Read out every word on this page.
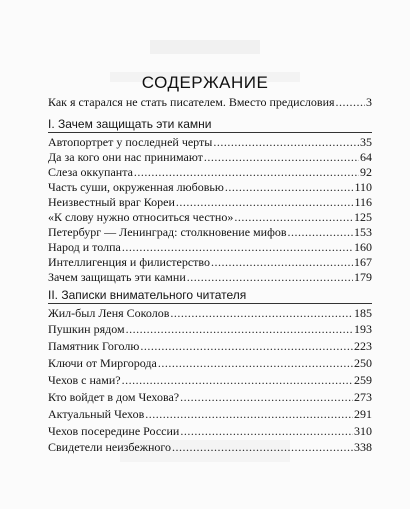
СОДЕРЖАНИЕ
Как я старался не стать писателем. Вместо предисловия .....	3
I. Зачем защищать эти камни
Автопортрет у последней черты .....	35
Да за кого они нас принимают .....	64
Слеза оккупанта .....	92
Часть суши, окруженная любовью .....	110
Неизвестный враг Кореи .....	116
«К слову нужно относиться честно» .....	125
Петербург — Ленинград: столкновение мифов .....	153
Народ и толпа .....	160
Интеллигенция и филистерство .....	167
Зачем защищать эти камни .....	179
II. Записки внимательного читателя
Жил-был Леня Соколов .....	185
Пушкин рядом .....	193
Памятник Гоголю .....	223
Ключи от Миргорода .....	250
Чехов с нами? .....	259
Кто войдет в дом Чехова? .....	273
Актуальный Чехов .....	291
Чехов посередине России .....	310
Свидетели неизбежного .....	338
